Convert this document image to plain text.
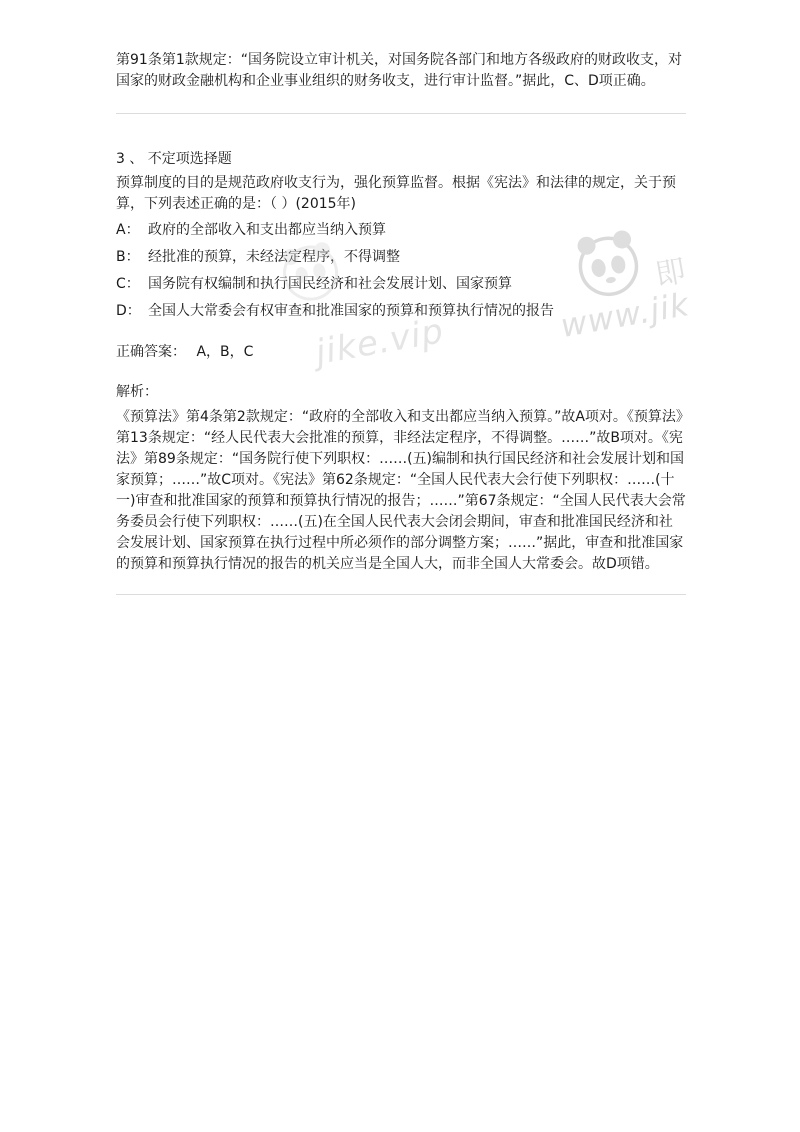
第91条第1款规定：“国务院设立审计机关，对国务院各部门和地方各级政府的财政收支，对国家的财政金融机构和企业事业组织的财务收支，进行审计监督。”据此，C、D项正确。

3 、 不定项选择题

预算制度的目的是规范政府收支行为，强化预算监督。根据《宪法》和法律的规定，关于预算，下列表述正确的是：（ ）(2015年)

A： 政府的全部收入和支出都应当纳入预算

B： 经批准的预算，未经法定程序，不得调整

C： 国务院有权编制和执行国民经济和社会发展计划、国家预算

D： 全国人大常委会有权审查和批准国家的预算和预算执行情况的报告

正确答案： A，B，C

解析：

《预算法》第4条第2款规定：“政府的全部收入和支出都应当纳入预算。”故A项对。《预算法》第13条规定：“经人民代表大会批准的预算，非经法定程序，不得调整。……”故B项对。《宪法》第89条规定：“国务院行使下列职权：……(五)编制和执行国民经济和社会发展计划和国家预算；……”故C项对。《宪法》第62条规定：“全国人民代表大会行使下列职权：……(十一)审查和批准国家的预算和预算执行情况的报告；……”第67条规定：“全国人民代表大会常务委员会行使下列职权：……(五)在全国人民代表大会闭会期间，审查和批准国民经济和社会发展计划、国家预算在执行过程中所必须作的部分调整方案；……”据此，审查和批准国家的预算和预算执行情况的报告的机关应当是全国人大，而非全国人大常委会。故D项错。

即
jike.vip	www.jik
